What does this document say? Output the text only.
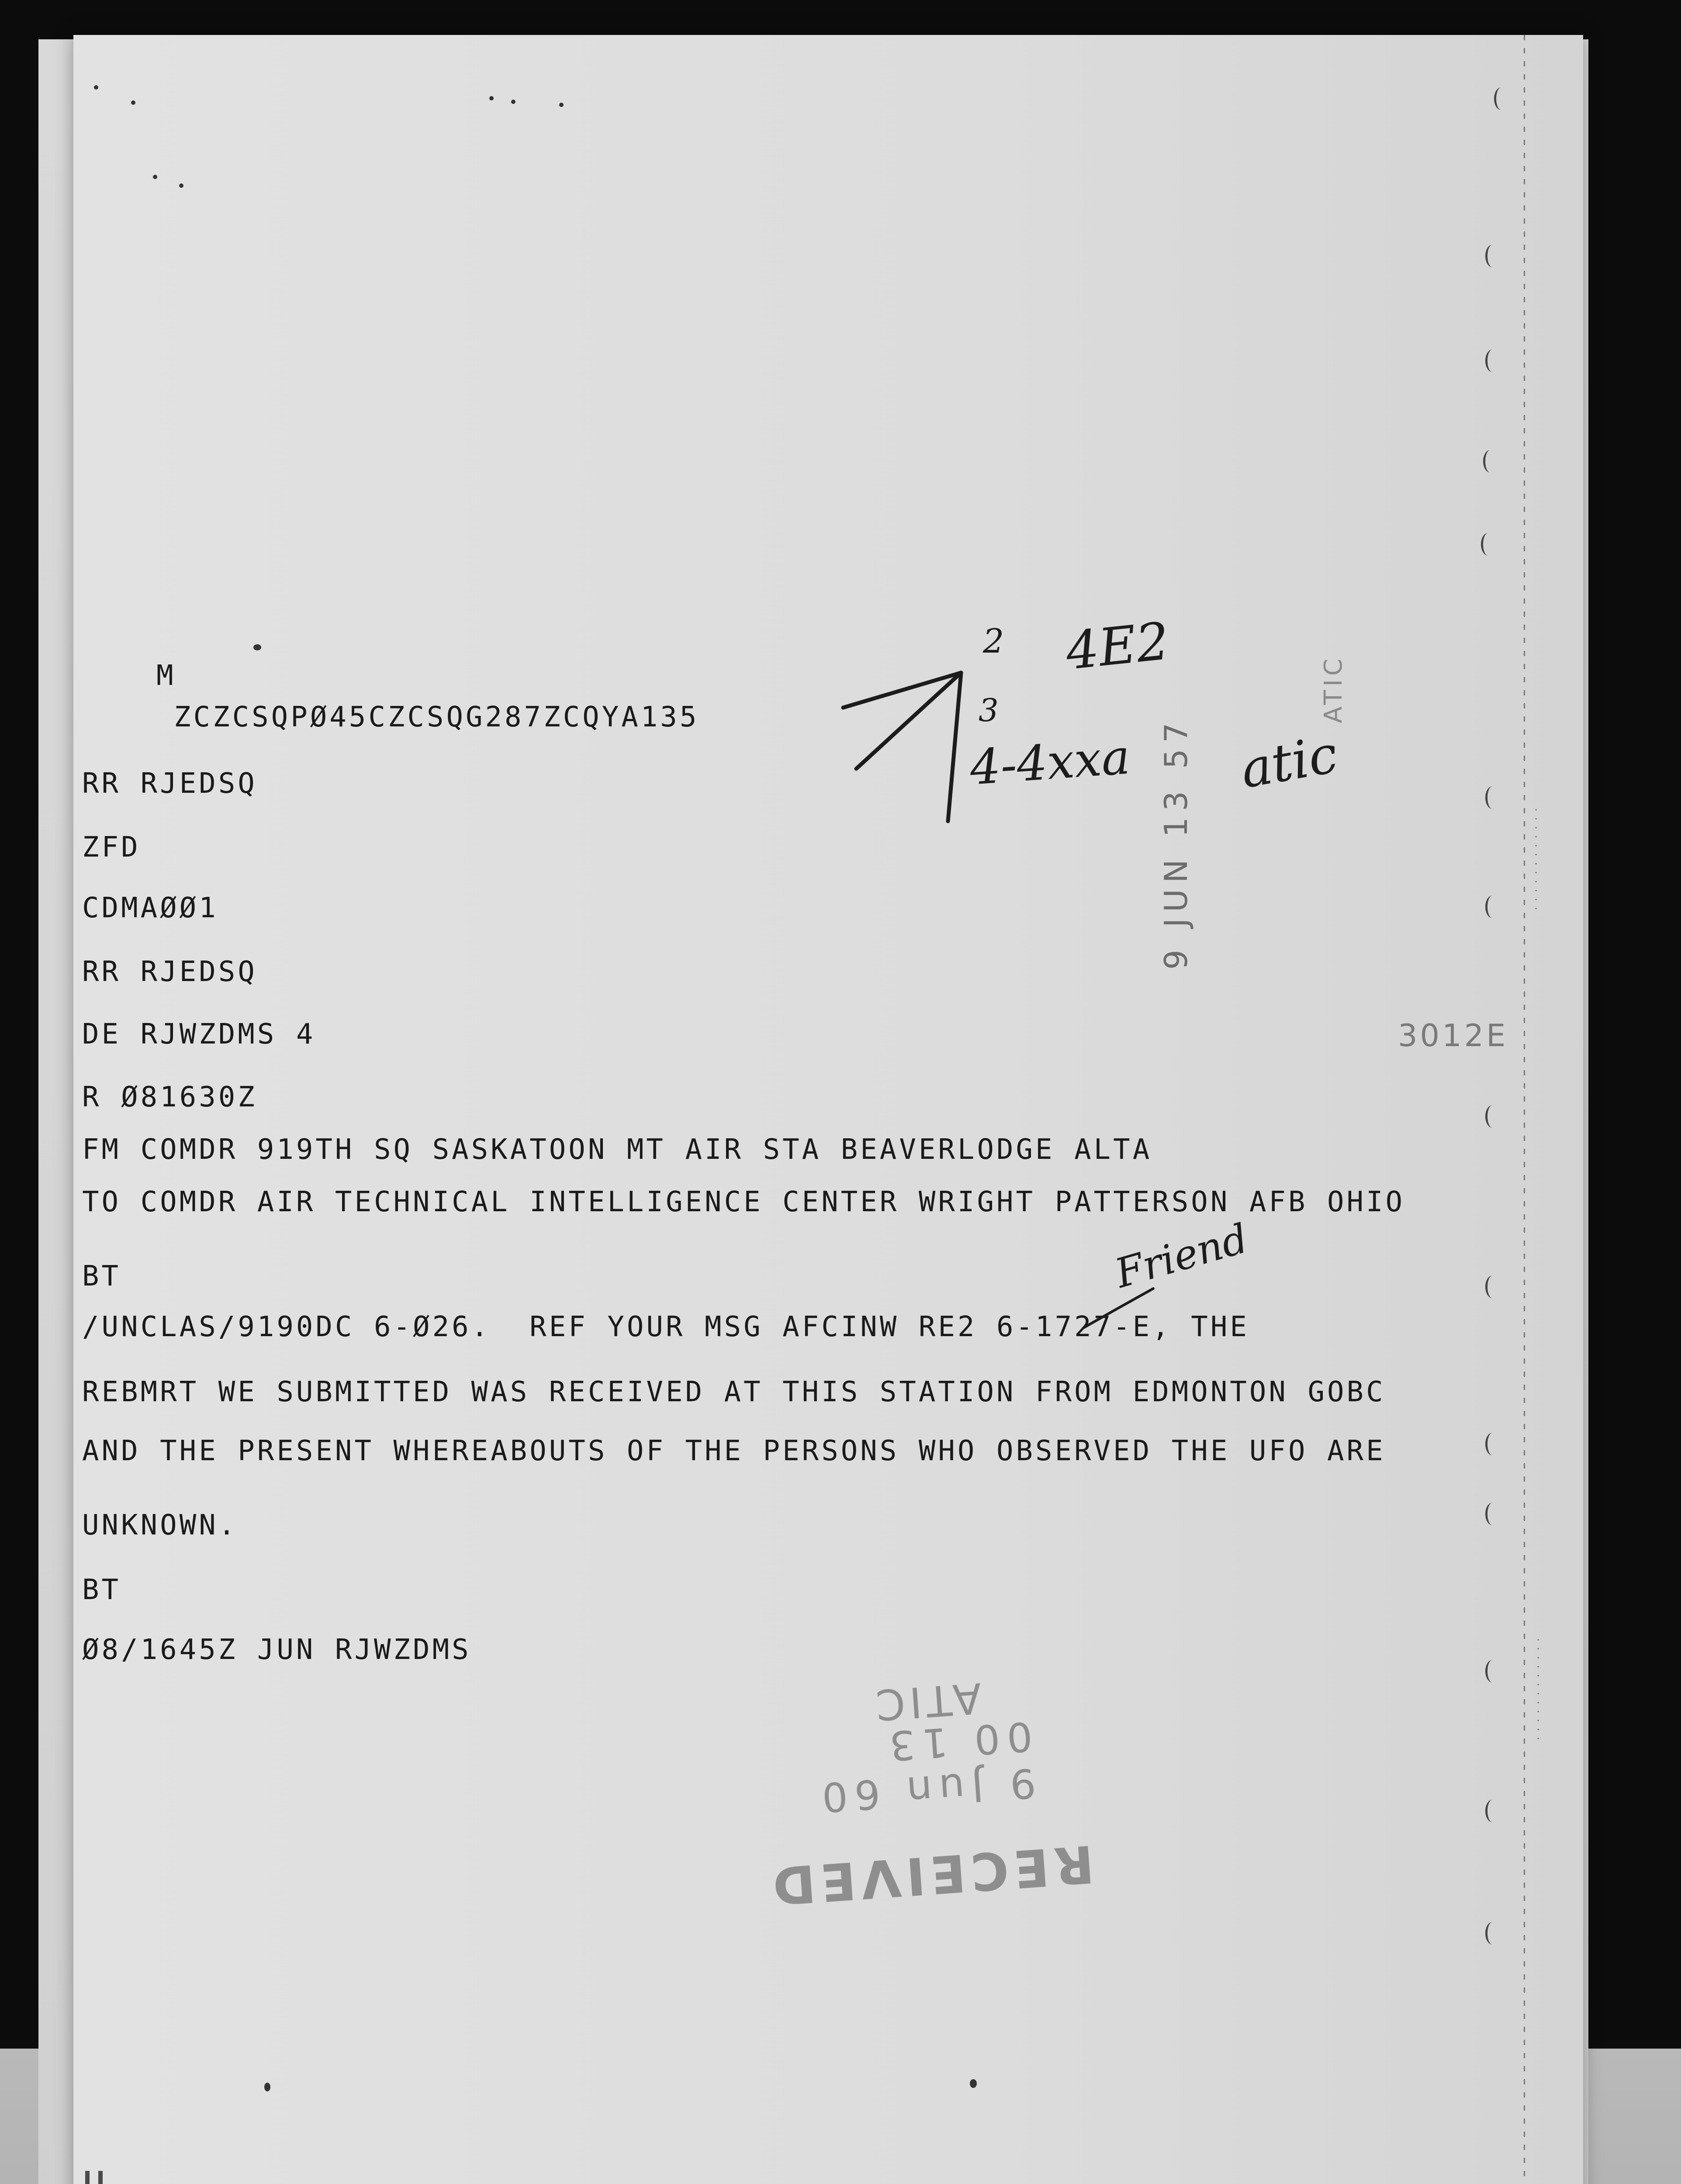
· · · · · · · · · · · ·
· · · · · · · · · · · ·
M
ZCZCSQPØ45CZCSQG287ZCQYA135
RR RJEDSQ
ZFD
CDMAØØ1
RR RJEDSQ
DE RJWZDMS 4
R Ø81630Z
FM COMDR 919TH SQ SASKATOON MT AIR STA BEAVERLODGE ALTA
TO COMDR AIR TECHNICAL INTELLIGENCE CENTER WRIGHT PATTERSON AFB OHIO
BT
/UNCLAS/9190DC 6-Ø26.  REF YOUR MSG AFCINW RE2 6-1727-E, THE
REBMRT WE SUBMITTED WAS RECEIVED AT THIS STATION FROM EDMONTON GOBC
AND THE PRESENT WHEREABOUTS OF THE PERSONS WHO OBSERVED THE UFO ARE
UNKNOWN.
BT
Ø8/1645Z JUN RJWZDMS
2
3
4E2
4-4xxa atic
Friend
9 JUN 13 57
ATIC
3012E
ATIC
9 Jun 60 00 13
RECEIVED
